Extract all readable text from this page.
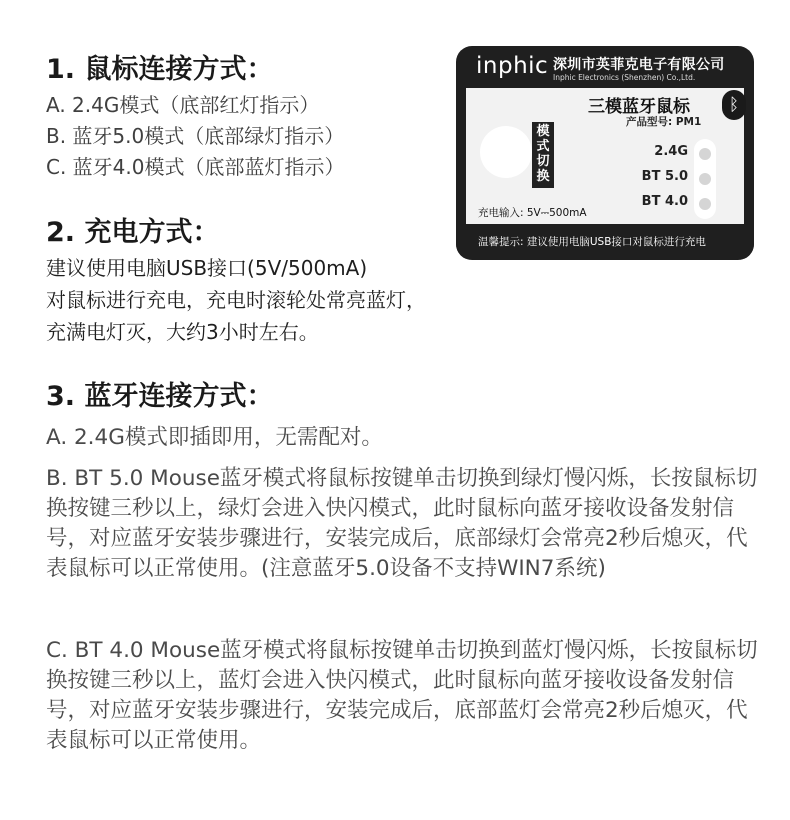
1. 鼠标连接方式：

A. 2.4G模式（底部红灯指示）

B. 蓝牙5.0模式（底部绿灯指示）

C. 蓝牙4.0模式（底部蓝灯指示）

2. 充电方式：

建议使用电脑USB接口(5V/500mA)

对鼠标进行充电，充电时滚轮处常亮蓝灯，

充满电灯灭，大约3小时左右。

3. 蓝牙连接方式：

A. 2.4G模式即插即用，无需配对。

B. BT 5.0 Mouse蓝牙模式将鼠标按键单击切换到绿灯慢闪烁，长按鼠标切换按键三秒以上，绿灯会进入快闪模式，此时鼠标向蓝牙接收设备发射信号，对应蓝牙安装步骤进行，安装完成后，底部绿灯会常亮2秒后熄灭，代表鼠标可以正常使用。(注意蓝牙5.0设备不支持WIN7系统)

C. BT 4.0 Mouse蓝牙模式将鼠标按键单击切换到蓝灯慢闪烁，长按鼠标切换按键三秒以上，蓝灯会进入快闪模式，此时鼠标向蓝牙接收设备发射信号，对应蓝牙安装步骤进行，安装完成后，底部蓝灯会常亮2秒后熄灭，代表鼠标可以正常使用。

inphic 深圳市英菲克电子有限公司
Inphic Electronics (Shenzhen) Co.,Ltd.
模式切换
三模蓝牙鼠标	ᛒ
产品型号: PM1
2.4G
BT 5.0
BT 4.0
充电输入: 5V⎓500mA
温馨提示: 建议使用电脑USB接口对鼠标进行充电
